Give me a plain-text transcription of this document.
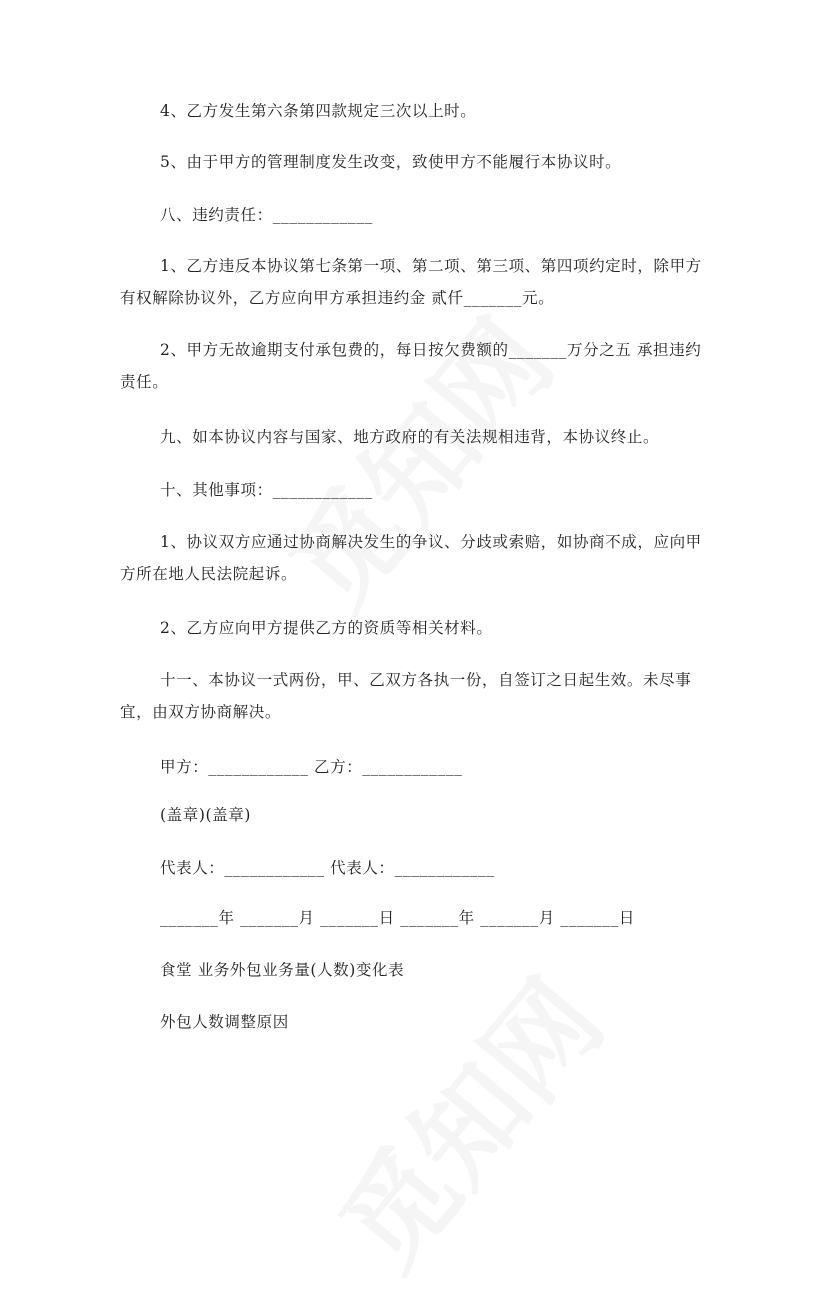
4、乙方发生第六条第四款规定三次以上时。

5、由于甲方的管理制度发生改变，致使甲方不能履行本协议时。

八、违约责任：____________

1、乙方违反本协议第七条第一项、第二项、第三项、第四项约定时，除甲方有权解除协议外，乙方应向甲方承担违约金 贰仟_______元。

2、甲方无故逾期支付承包费的，每日按欠费额的_______万分之五 承担违约责任。

九、如本协议内容与国家、地方政府的有关法规相违背，本协议终止。

十、其他事项：____________

1、协议双方应通过协商解决发生的争议、分歧或索赔，如协商不成，应向甲方所在地人民法院起诉。

2、乙方应向甲方提供乙方的资质等相关材料。

十一、本协议一式两份，甲、乙双方各执一份，自签订之日起生效。未尽事宜，由双方协商解决。

甲方：____________ 乙方：____________

(盖章)(盖章)

代表人：____________ 代表人：____________

_______年 _______月 _______日 _______年 _______月 _______日

食堂 业务外包业务量(人数)变化表

外包人数调整原因
